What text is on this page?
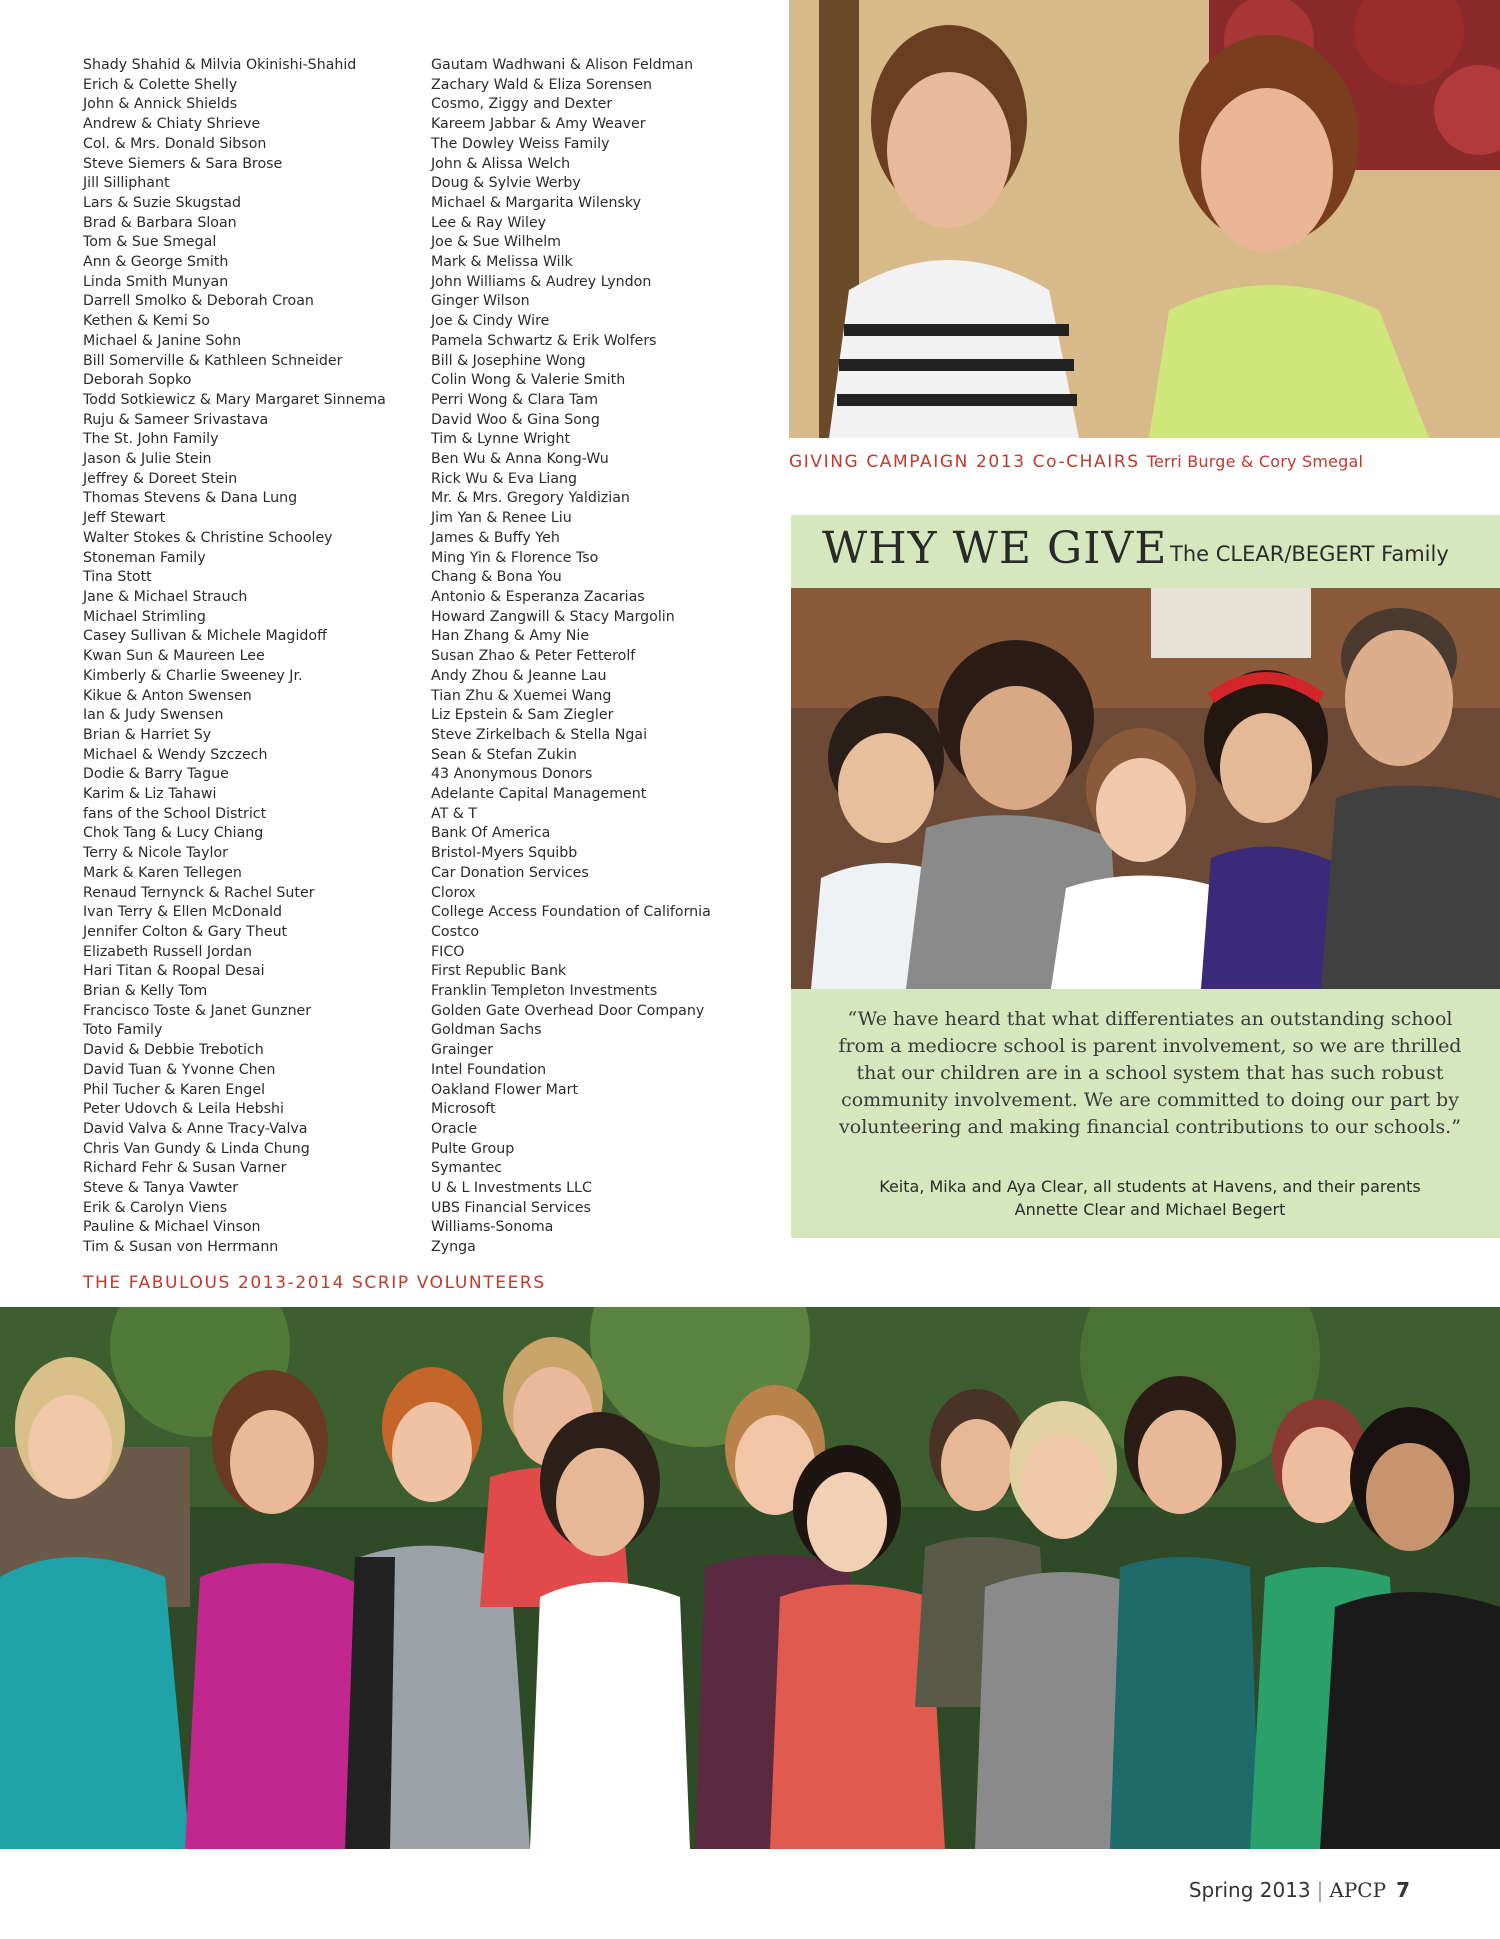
Shady Shahid & Milvia Okinishi-Shahid
Erich & Colette Shelly
John & Annick Shields
Andrew & Chiaty Shrieve
Col. & Mrs. Donald Sibson
Steve Siemers & Sara Brose
Jill Silliphant
Lars & Suzie Skugstad
Brad & Barbara Sloan
Tom & Sue Smegal
Ann & George Smith
Linda Smith Munyan
Darrell Smolko & Deborah Croan
Kethen & Kemi So
Michael & Janine Sohn
Bill Somerville & Kathleen Schneider
Deborah Sopko
Todd Sotkiewicz & Mary Margaret Sinnema
Ruju & Sameer Srivastava
The St. John Family
Jason & Julie Stein
Jeffrey & Doreet Stein
Thomas Stevens & Dana Lung
Jeff Stewart
Walter Stokes & Christine Schooley
Stoneman Family
Tina Stott
Jane & Michael Strauch
Michael Strimling
Casey Sullivan & Michele Magidoff
Kwan Sun & Maureen Lee
Kimberly & Charlie Sweeney Jr.
Kikue & Anton Swensen
Ian & Judy Swensen
Brian & Harriet Sy
Michael & Wendy Szczech
Dodie & Barry Tague
Karim & Liz Tahawi
fans of the School District
Chok Tang & Lucy Chiang
Terry & Nicole Taylor
Mark & Karen Tellegen
Renaud Ternynck & Rachel Suter
Ivan Terry & Ellen McDonald
Jennifer Colton & Gary Theut
Elizabeth Russell Jordan
Hari Titan & Roopal Desai
Brian & Kelly Tom
Francisco Toste & Janet Gunzner
Toto Family
David & Debbie Trebotich
David Tuan & Yvonne Chen
Phil Tucher & Karen Engel
Peter Udovch & Leila Hebshi
David Valva & Anne Tracy-Valva
Chris Van Gundy & Linda Chung
Richard Fehr & Susan Varner
Steve & Tanya Vawter
Erik & Carolyn Viens
Pauline & Michael Vinson
Tim & Susan von Herrmann
Gautam Wadhwani & Alison Feldman
Zachary Wald & Eliza Sorensen
Cosmo, Ziggy and Dexter
Kareem Jabbar & Amy Weaver
The Dowley Weiss Family
John & Alissa Welch
Doug & Sylvie Werby
Michael & Margarita Wilensky
Lee & Ray Wiley
Joe & Sue Wilhelm
Mark & Melissa Wilk
John Williams & Audrey Lyndon
Ginger Wilson
Joe & Cindy Wire
Pamela Schwartz & Erik Wolfers
Bill & Josephine Wong
Colin Wong & Valerie Smith
Perri Wong & Clara Tam
David Woo & Gina Song
Tim & Lynne Wright
Ben Wu & Anna Kong-Wu
Rick Wu & Eva Liang
Mr. & Mrs. Gregory Yaldizian
Jim Yan & Renee Liu
James & Buffy Yeh
Ming Yin & Florence Tso
Chang & Bona You
Antonio & Esperanza Zacarias
Howard Zangwill & Stacy Margolin
Han Zhang & Amy Nie
Susan Zhao & Peter Fetterolf
Andy Zhou & Jeanne Lau
Tian Zhu & Xuemei Wang
Liz Epstein & Sam Ziegler
Steve Zirkelbach & Stella Ngai
Sean & Stefan Zukin
43 Anonymous Donors
Adelante Capital Management
AT & T
Bank Of America
Bristol-Myers Squibb
Car Donation Services
Clorox
College Access Foundation of California
Costco
FICO
First Republic Bank
Franklin Templeton Investments
Golden Gate Overhead Door Company
Goldman Sachs
Grainger
Intel Foundation
Oakland Flower Mart
Microsoft
Oracle
Pulte Group
Symantec
U & L Investments LLC
UBS Financial Services
Williams-Sonoma
Zynga
GIVING CAMPAIGN 2013 Co-CHAIRS Terri Burge & Cory Smegal
WHY WE GIVE The CLEAR/BEGERT Family
“We have heard that what differentiates an outstanding school from a mediocre school is parent involvement, so we are thrilled that our children are in a school system that has such robust community involvement. We are committed to doing our part by volunteering and making financial contributions to our schools.”
Keita, Mika and Aya Clear, all students at Havens, and their parents
Annette Clear and Michael Begert
THE FABULOUS 2013-2014 SCRIP VOLUNTEERS
Spring 2013 | APCP 7
